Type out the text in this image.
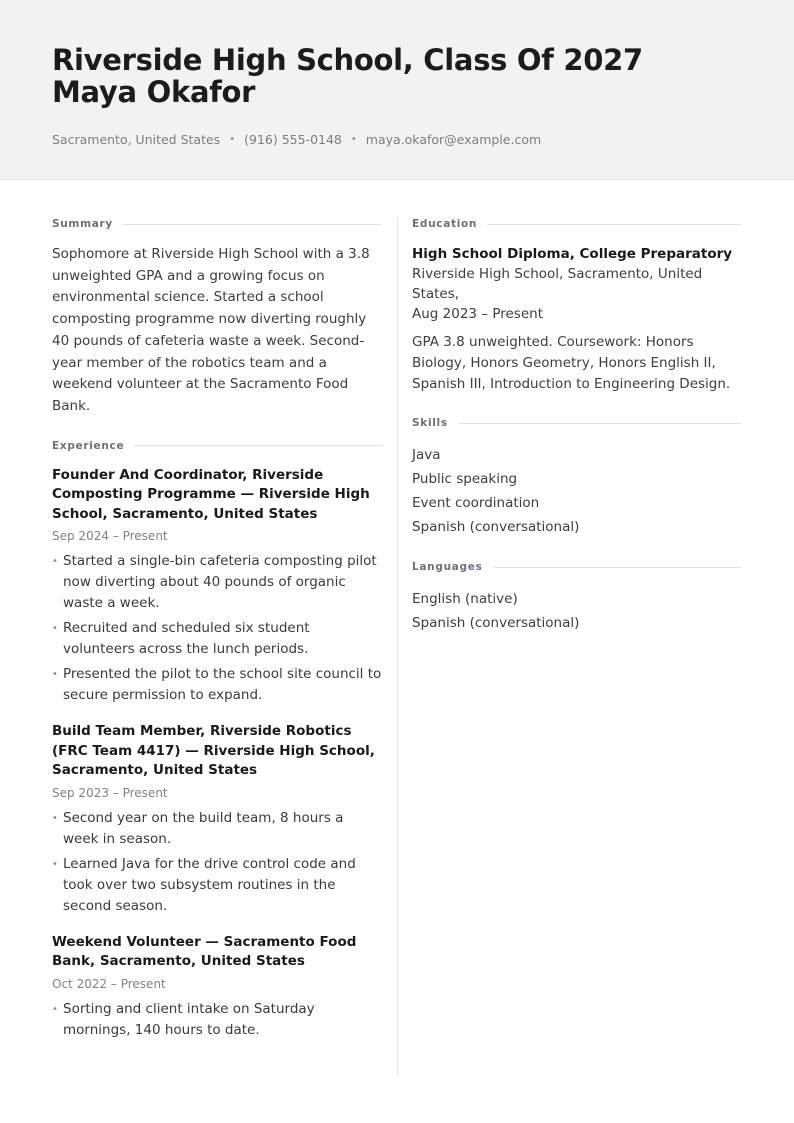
Riverside High School, Class Of 2027 Maya Okafor
Sacramento, United States • (916) 555-0148 • maya.okafor@example.com
Summary

Sophomore at Riverside High School with a 3.8 unweighted GPA and a growing focus on environmental science. Started a school composting programme now diverting roughly 40 pounds of cafeteria waste a week. Second-year member of the robotics team and a weekend volunteer at the Sacramento Food Bank.

Experience
Founder And Coordinator, Riverside Composting Programme — Riverside High School, Sacramento, United States
Sep 2024 – Present
• Started a single-bin cafeteria composting pilot now diverting about 40 pounds of organic waste a week.
• Recruited and scheduled six student volunteers across the lunch periods.
• Presented the pilot to the school site council to secure permission to expand.
Build Team Member, Riverside Robotics (FRC Team 4417) — Riverside High School, Sacramento, United States
Sep 2023 – Present
• Second year on the build team, 8 hours a week in season.
• Learned Java for the drive control code and took over two subsystem routines in the second season.
Weekend Volunteer — Sacramento Food Bank, Sacramento, United States
Oct 2022 – Present
• Sorting and client intake on Saturday mornings, 140 hours to date.
Education
High School Diploma, College Preparatory
Riverside High School, Sacramento, United States,
Aug 2023 – Present
GPA 3.8 unweighted. Coursework: Honors Biology, Honors Geometry, Honors English II, Spanish III, Introduction to Engineering Design.
Skills
Java
Public speaking
Event coordination
Spanish (conversational)
Languages
English (native)
Spanish (conversational)
